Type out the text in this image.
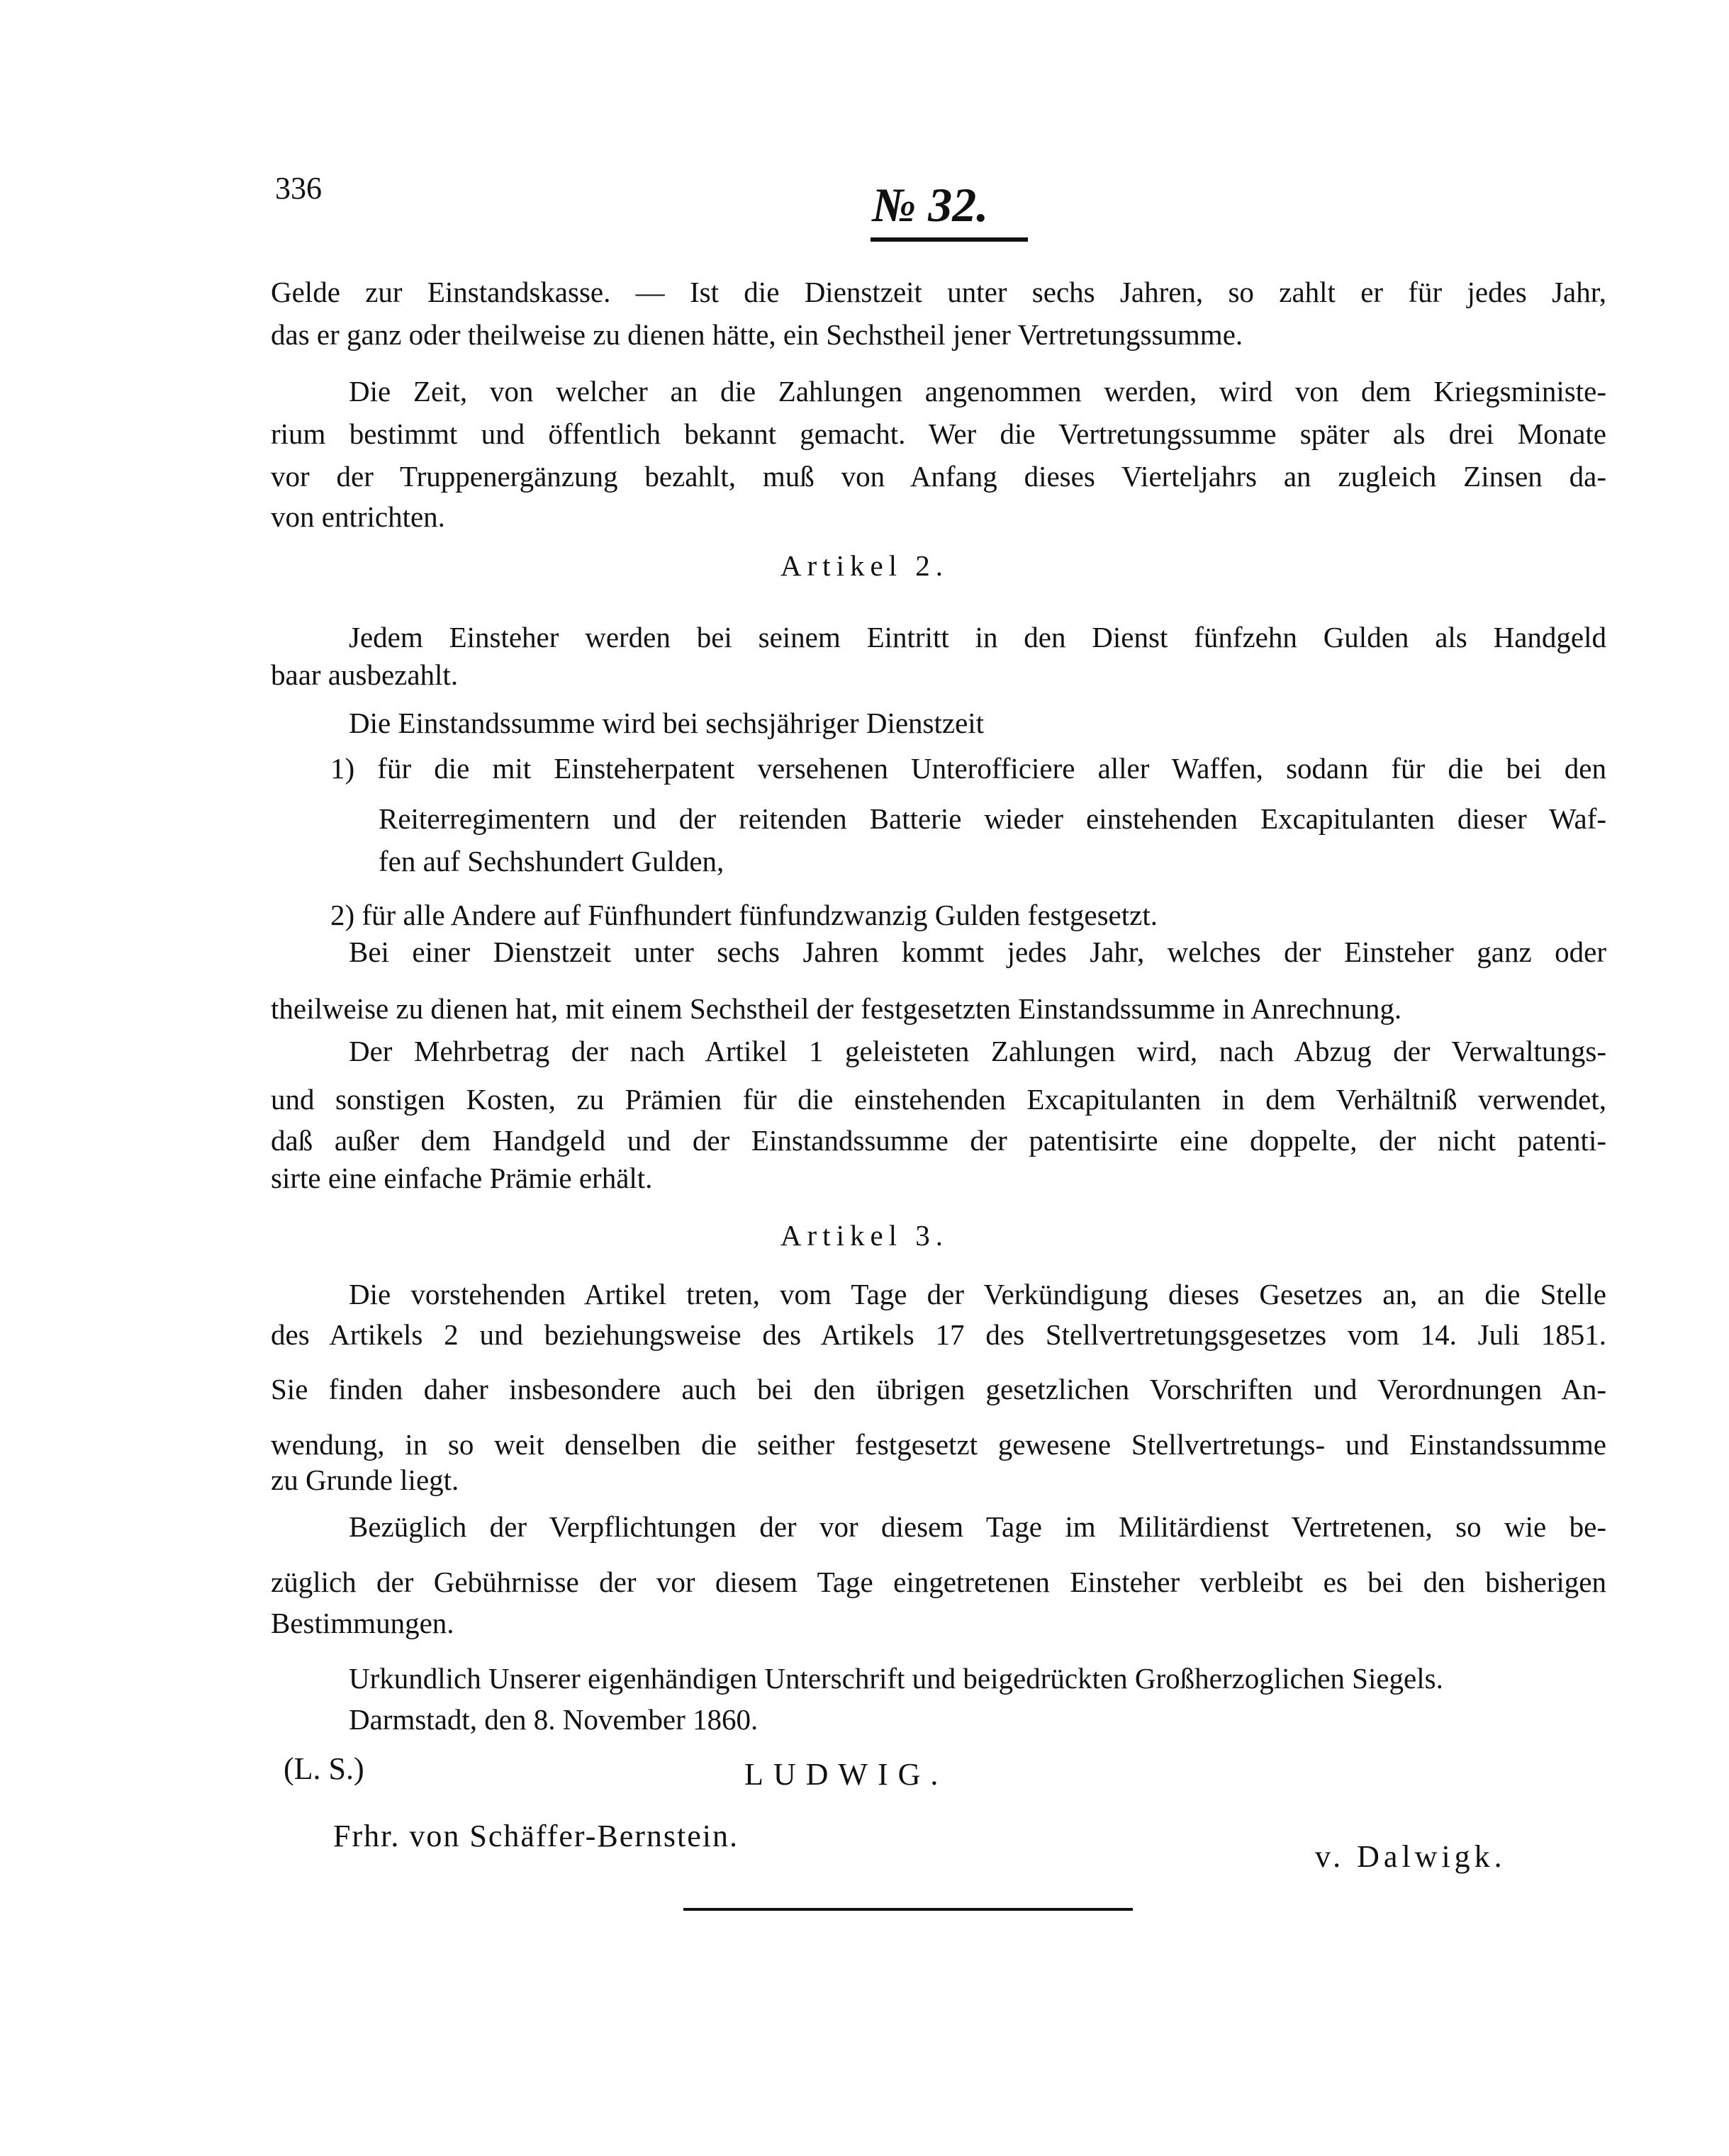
336	№ 32.
Gelde zur Einstandskasse. — Ist die Dienstzeit unter sechs Jahren, so zahlt er für jedes Jahr,
das er ganz oder theilweise zu dienen hätte, ein Sechstheil jener Vertretungssumme.
Die Zeit, von welcher an die Zahlungen angenommen werden, wird von dem Kriegsministe-
rium bestimmt und öffentlich bekannt gemacht. Wer die Vertretungssumme später als drei Monate
vor der Truppenergänzung bezahlt, muß von Anfang dieses Vierteljahrs an zugleich Zinsen da-
von entrichten.
Artikel 2.
Jedem Einsteher werden bei seinem Eintritt in den Dienst fünfzehn Gulden als Handgeld
baar ausbezahlt.
Die Einstandssumme wird bei sechsjähriger Dienstzeit
1) für die mit Einsteherpatent versehenen Unterofficiere aller Waffen, sodann für die bei den
Reiterregimentern und der reitenden Batterie wieder einstehenden Excapitulanten dieser Waf-
fen auf Sechshundert Gulden,
2) für alle Andere auf Fünfhundert fünfundzwanzig Gulden festgesetzt.
Bei einer Dienstzeit unter sechs Jahren kommt jedes Jahr, welches der Einsteher ganz oder
theilweise zu dienen hat, mit einem Sechstheil der festgesetzten Einstandssumme in Anrechnung.
Der Mehrbetrag der nach Artikel 1 geleisteten Zahlungen wird, nach Abzug der Verwaltungs-
und sonstigen Kosten, zu Prämien für die einstehenden Excapitulanten in dem Verhältniß verwendet,
daß außer dem Handgeld und der Einstandssumme der patentisirte eine doppelte, der nicht patenti-
sirte eine einfache Prämie erhält.
Artikel 3.
Die vorstehenden Artikel treten, vom Tage der Verkündigung dieses Gesetzes an, an die Stelle
des Artikels 2 und beziehungsweise des Artikels 17 des Stellvertretungsgesetzes vom 14. Juli 1851.
Sie finden daher insbesondere auch bei den übrigen gesetzlichen Vorschriften und Verordnungen An-
wendung, in so weit denselben die seither festgesetzt gewesene Stellvertretungs- und Einstandssumme
zu Grunde liegt.
Bezüglich der Verpflichtungen der vor diesem Tage im Militärdienst Vertretenen, so wie be-
züglich der Gebührnisse der vor diesem Tage eingetretenen Einsteher verbleibt es bei den bisherigen
Bestimmungen.
Urkundlich Unserer eigenhändigen Unterschrift und beigedrückten Großherzoglichen Siegels.
Darmstadt, den 8. November 1860.
(L. S.)	LUDWIG.
Frhr. von Schäffer-Bernstein.
v. Dalwigk.
